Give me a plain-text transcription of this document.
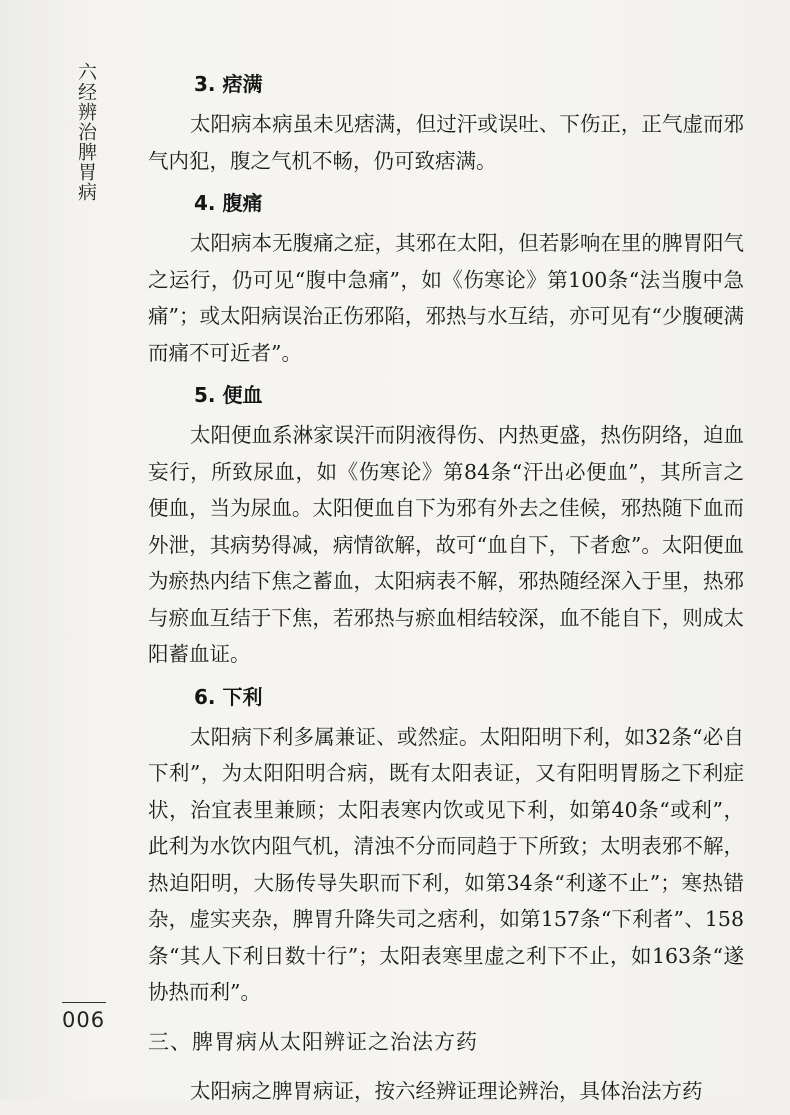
六经辨治脾胃病	3. 痞满

太阳病本病虽未见痞满，但过汗或误吐、下伤正，正气虚而邪气内犯，腹之气机不畅，仍可致痞满。

4. 腹痛

太阳病本无腹痛之症，其邪在太阳，但若影响在里的脾胃阳气之运行，仍可见“腹中急痛”，如《伤寒论》第100条“法当腹中急痛”；或太阳病误治正伤邪陷，邪热与水互结，亦可见有“少腹硬满而痛不可近者”。

5. 便血

太阳便血系淋家误汗而阴液得伤、内热更盛，热伤阴络，迫血妄行，所致尿血，如《伤寒论》第84条“汗出必便血”，其所言之便血，当为尿血。太阳便血自下为邪有外去之佳候，邪热随下血而外泄，其病势得减，病情欲解，故可“血自下，下者愈”。太阳便血为瘀热内结下焦之蓄血，太阳病表不解，邪热随经深入于里，热邪与瘀血互结于下焦，若邪热与瘀血相结较深，血不能自下，则成太阳蓄血证。

6. 下利

太阳病下利多属兼证、或然症。太阳阳明下利，如32条“必自下利”，为太阳阳明合病，既有太阳表证，又有阳明胃肠之下利症状，治宜表里兼顾；太阳表寒内饮或见下利，如第40条“或利”，此利为水饮内阻气机，清浊不分而同趋于下所致；太明表邪不解，热迫阳明，大肠传导失职而下利，如第34条“利遂不止”；寒热错杂，虚实夹杂，脾胃升降失司之痞利，如第157条“下利者”、158条“其人下利日数十行”；太阳表寒里虚之利下不止，如163条“遂协热而利”。

三、脾胃病从太阳辨证之治法方药

太阳病之脾胃病证，按六经辨证理论辨治，具体治法方药

006
